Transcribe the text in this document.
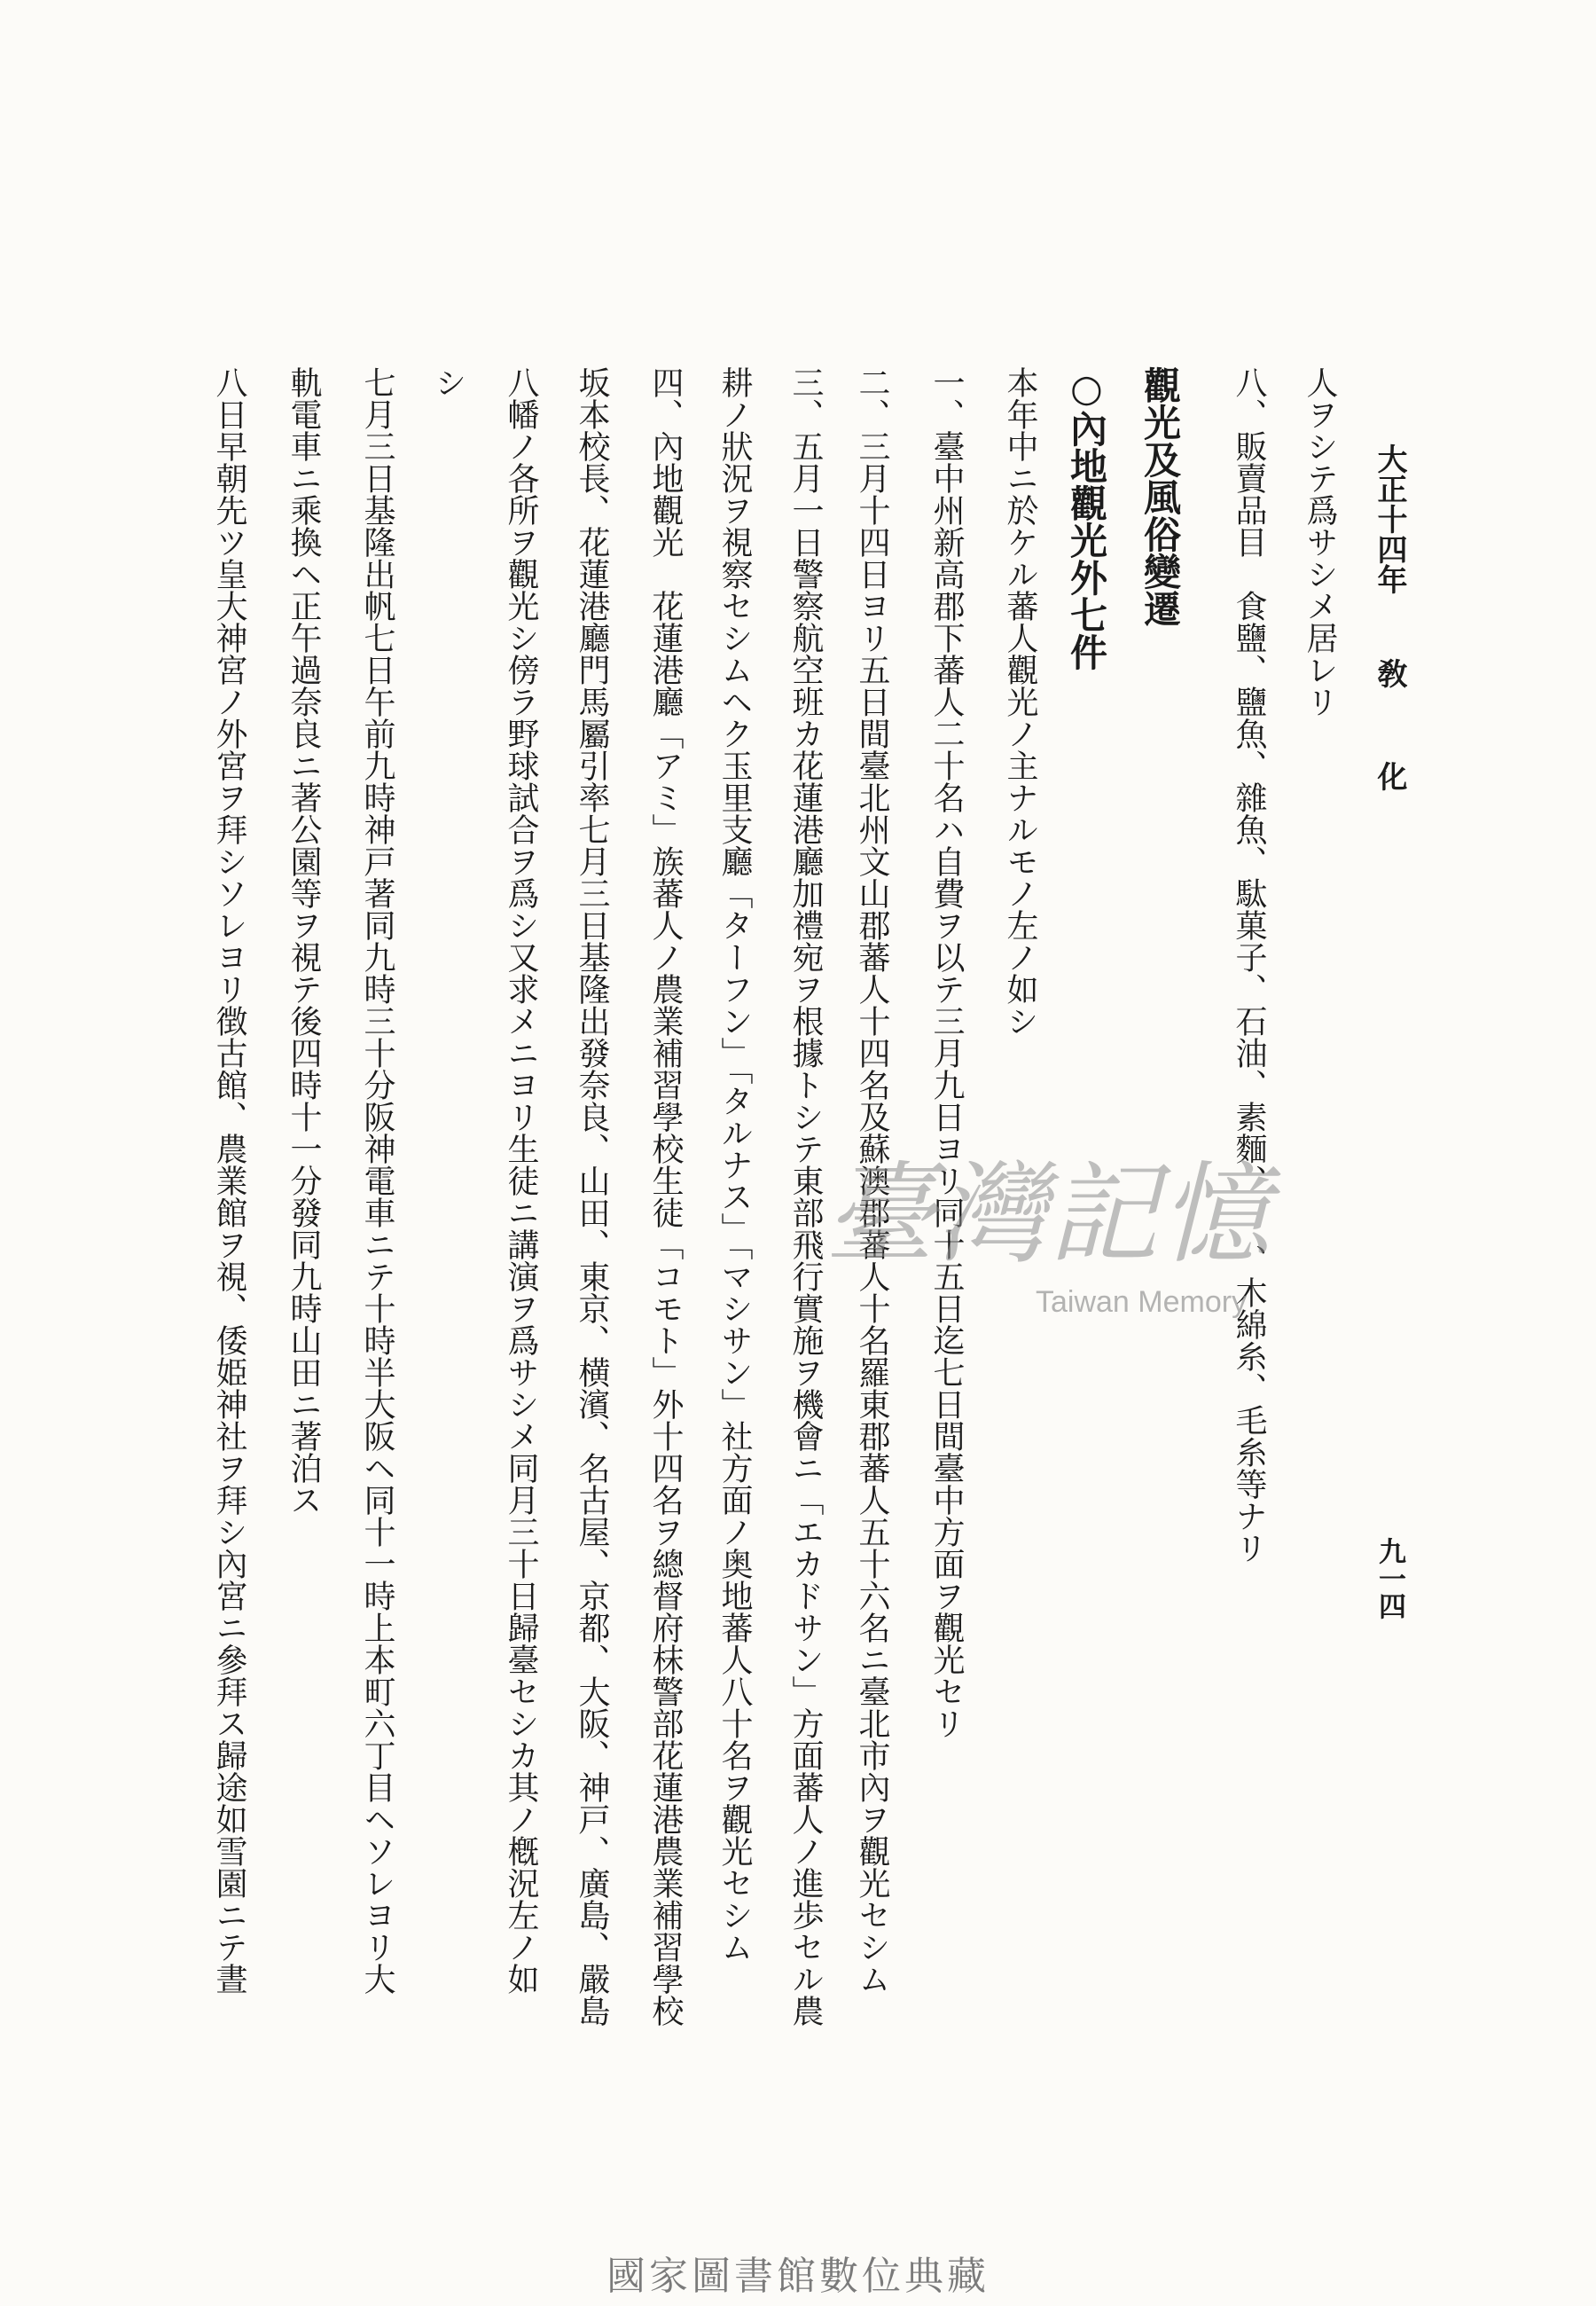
大正十四年
敎
化
九一四
人ヲシテ爲サシメ居レリ
八、販賣品目　食鹽、鹽魚、雜魚、駄菓子、石油、素麵、　　、木綿糸、毛糸等ナリ
觀光及風俗變遷
○內地觀光外七件
本年中ニ於ケル蕃人觀光ノ主ナルモノ左ノ如シ
一、臺中州新高郡下蕃人二十名ハ自費ヲ以テ三月九日ヨリ同十五日迄七日間臺中方面ヲ觀光セリ
二、三月十四日ヨリ五日間臺北州文山郡蕃人十四名及蘇澳郡蕃人十名羅東郡蕃人五十六名ニ臺北市內ヲ觀光セシム
三、五月一日警察航空班カ花蓮港廳加禮宛ヲ根據トシテ東部飛行實施ヲ機會ニ「エカドサン」方面蕃人ノ進歩セル農
耕ノ狀況ヲ視察セシムヘク玉里支廳「ターフン」「タルナス」「マシサン」社方面ノ奥地蕃人八十名ヲ觀光セシム
四、內地觀光　花蓮港廳「アミ」族蕃人ノ農業補習學校生徒「コモト」外十四名ヲ總督府枺警部花蓮港農業補習學校
坂本校長、花蓮港廳門馬屬引率七月三日基隆出發奈良、山田、東京、横濱、名古屋、京都、大阪、神戸、廣島、嚴島
八幡ノ各所ヲ觀光シ傍ラ野球試合ヲ爲シ又求メニヨリ生徒ニ講演ヲ爲サシメ同月三十日歸臺セシカ其ノ槪況左ノ如
シ
七月三日基隆出帆七日午前九時神戸著同九時三十分阪神電車ニテ十時半大阪ヘ同十一時上本町六丁目ヘソレヨリ大
軌電車ニ乘換ヘ正午過奈良ニ著公園等ヲ視テ後四時十一分發同九時山田ニ著泊ス
八日早朝先ツ皇大神宮ノ外宮ヲ拜シソレヨリ徴古館、農業館ヲ視、倭姫神社ヲ拜シ內宮ニ參拜ス歸途如雪園ニテ晝	臺灣記憶
Taiwan Memory
國家圖書館數位典藏
